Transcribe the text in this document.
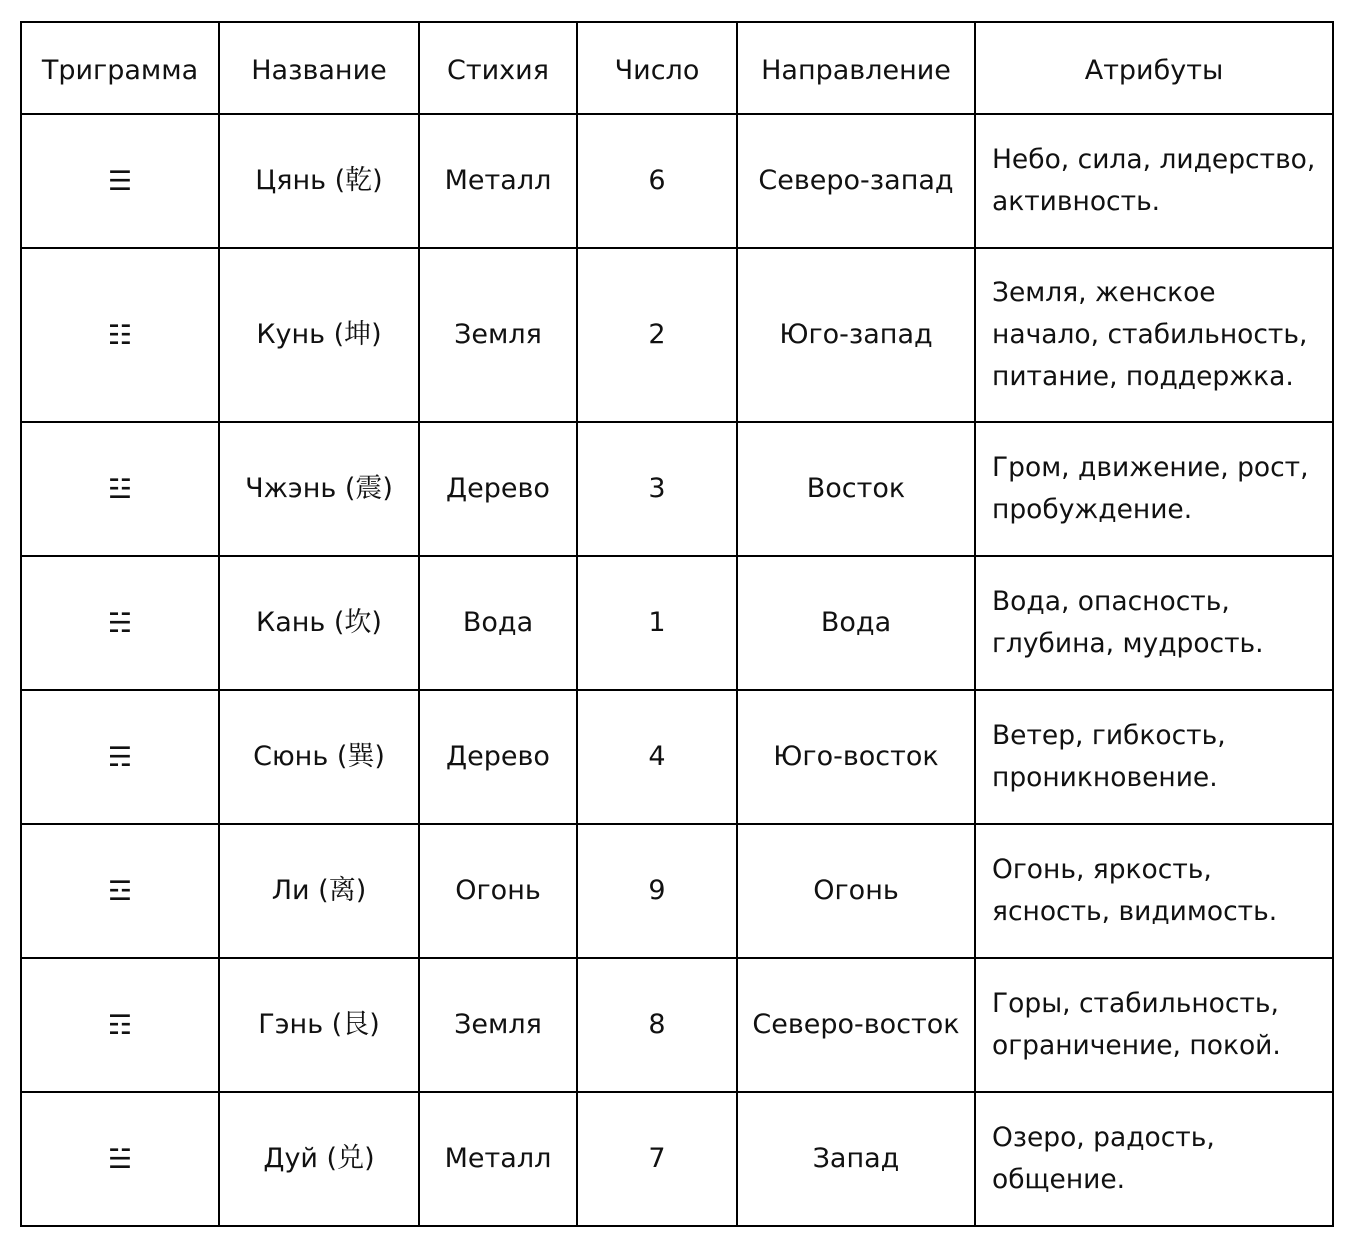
Триграмма	Название	Стихия	Число	Направление	Атрибуты
☰	Цянь (乾)	Металл	6	Северо-запад	Небо, сила, лидерство, активность.
☷	Кунь (坤)	Земля	2	Юго-запад	Земля, женское начало, стабильность, питание, поддержка.
☳	Чжэнь (震)	Дерево	3	Восток	Гром, движение, рост, пробуждение.
☵	Кань (坎)	Вода	1	Вода	Вода, опасность, глубина, мудрость.
☴	Сюнь (巽)	Дерево	4	Юго-восток	Ветер, гибкость, проникновение.
☲	Ли (离)	Огонь	9	Огонь	Огонь, яркость, ясность, видимость.
☶	Гэнь (艮)	Земля	8	Северо-восток	Горы, стабильность, ограничение, покой.
☱	Дуй (兑)	Металл	7	Запад	Озеро, радость, общение.
